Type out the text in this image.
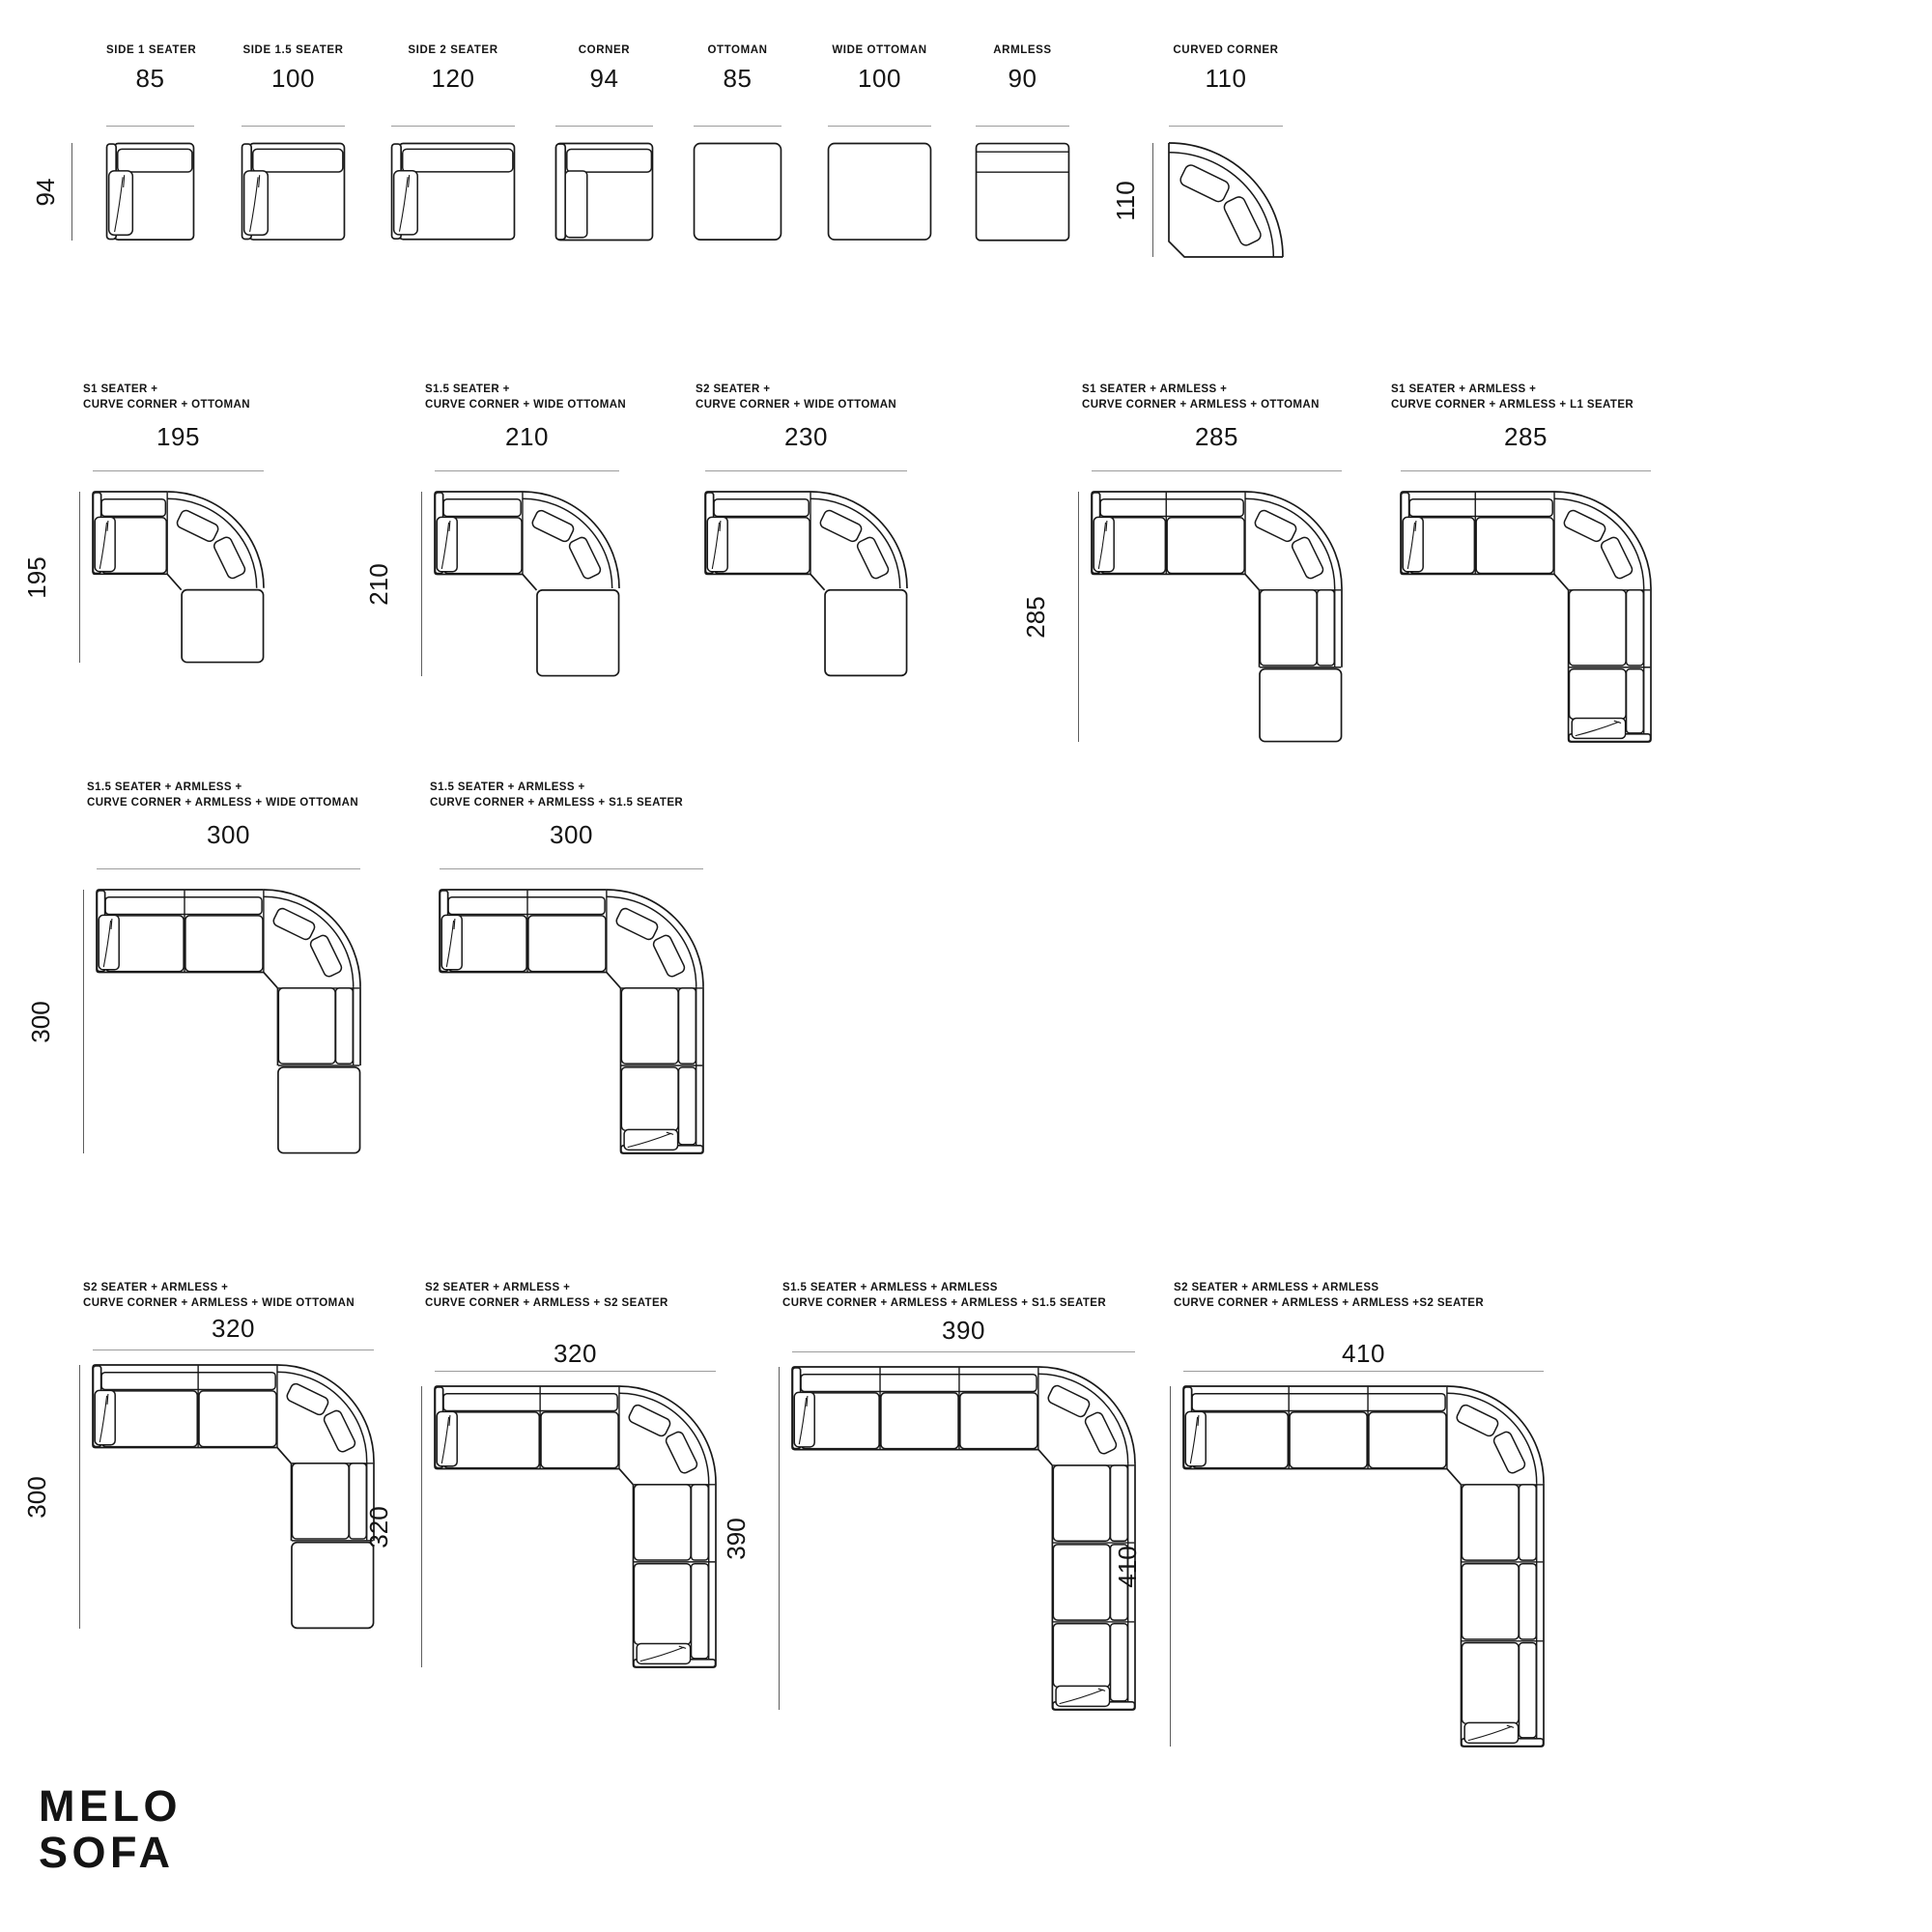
94
SIDE 1 SEATER
85
SIDE 1.5 SEATER
100
SIDE 2 SEATER
120
CORNER
94
OTTOMAN
85
WIDE OTTOMAN
100
ARMLESS
90
CURVED CORNER
110
110
S1 SEATER +
CURVE CORNER + OTTOMAN
195
195
S1.5 SEATER +
CURVE CORNER + WIDE OTTOMAN
210
210
S2 SEATER +
CURVE CORNER + WIDE OTTOMAN
230
S1 SEATER + ARMLESS +
CURVE CORNER + ARMLESS + OTTOMAN
285
285
S1 SEATER + ARMLESS +
CURVE CORNER + ARMLESS + L1 SEATER
285
S1.5 SEATER + ARMLESS +
CURVE CORNER + ARMLESS + WIDE OTTOMAN
300
300
S1.5 SEATER + ARMLESS +
CURVE CORNER + ARMLESS + S1.5 SEATER
300
S2 SEATER + ARMLESS +
CURVE CORNER + ARMLESS + WIDE OTTOMAN
320
300
S2 SEATER + ARMLESS +
CURVE CORNER + ARMLESS + S2 SEATER
320
320
S1.5 SEATER + ARMLESS + ARMLESS
CURVE CORNER + ARMLESS + ARMLESS + S1.5 SEATER
390
390
S2 SEATER + ARMLESS + ARMLESS
CURVE CORNER + ARMLESS + ARMLESS +S2 SEATER
410
410
MELO
SOFA
